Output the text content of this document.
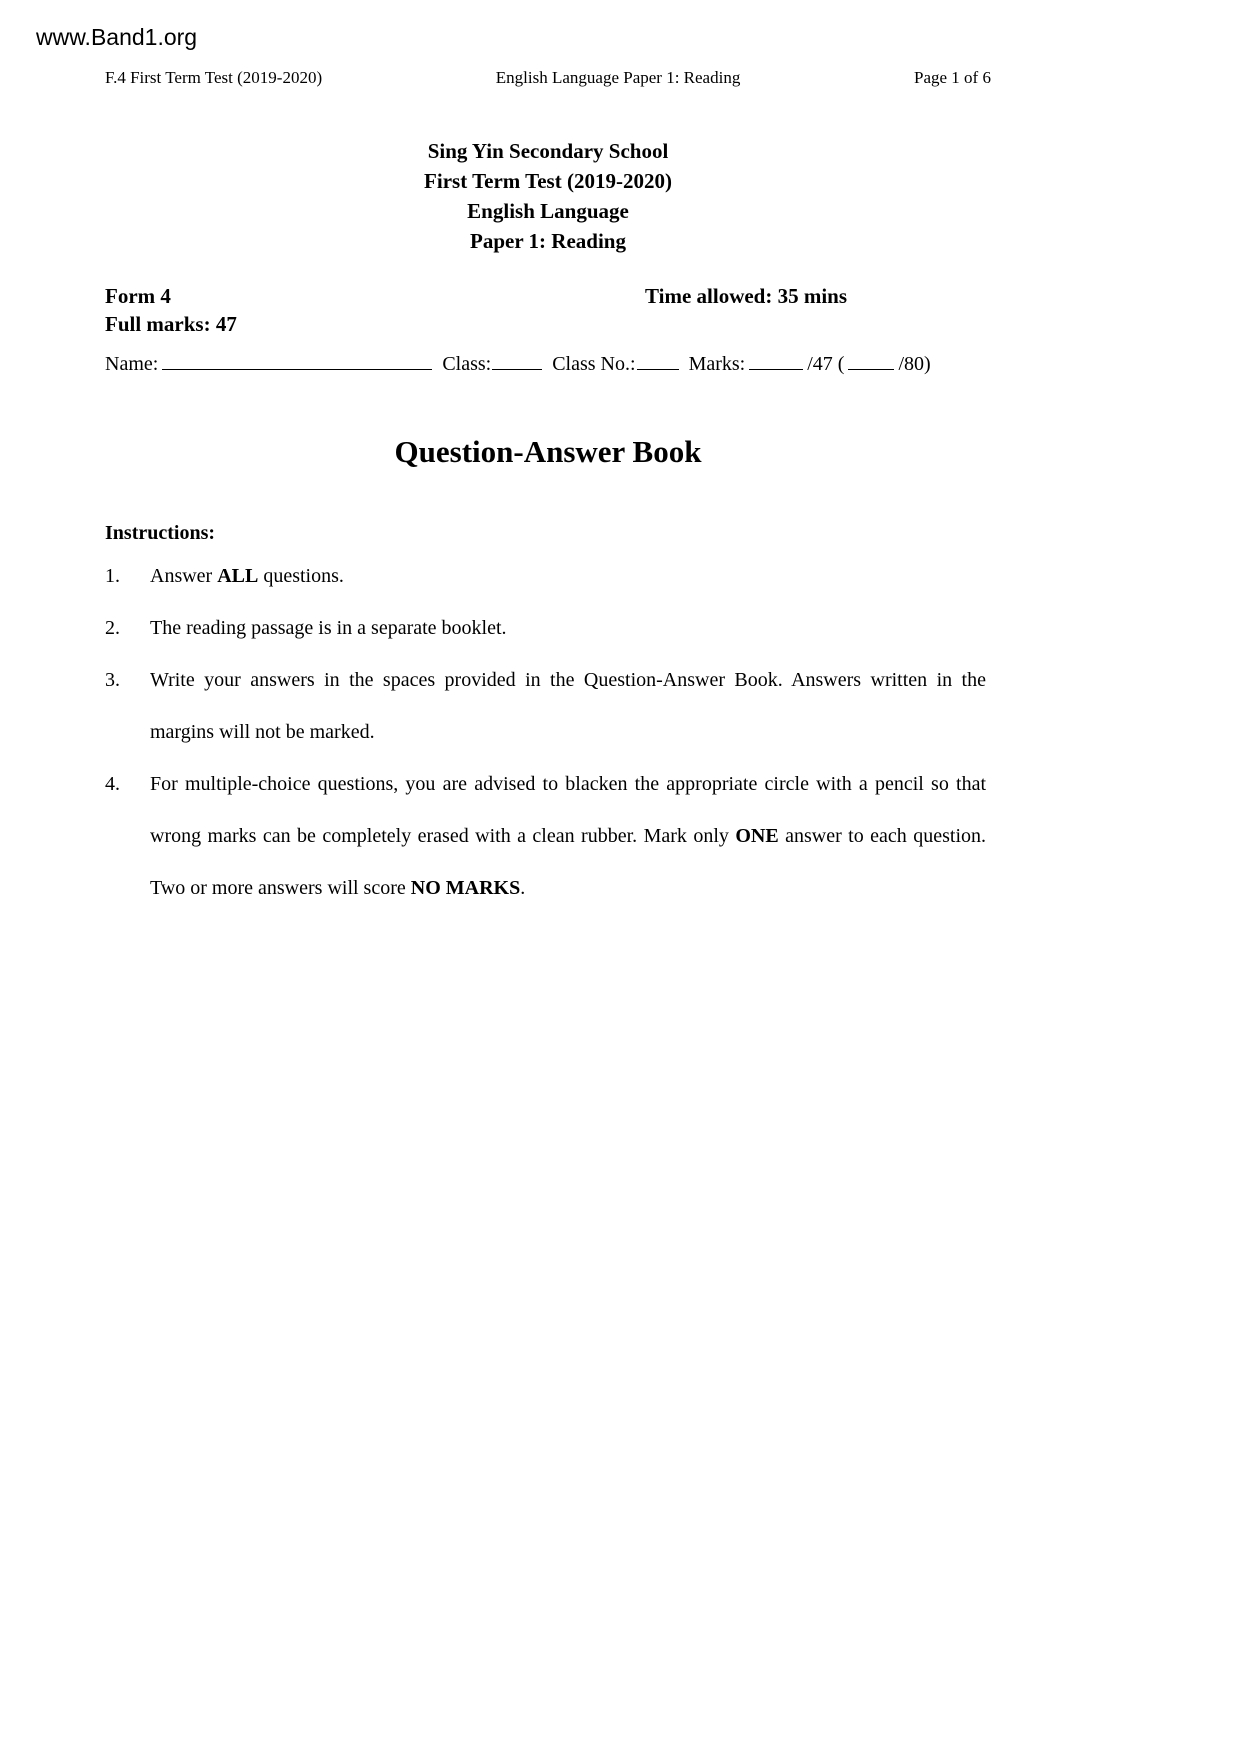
www.Band1.org
F.4 First Term Test (2019-2020)	English Language Paper 1: Reading	Page 1 of 6
Sing Yin Secondary School
First Term Test (2019-2020)
English Language
Paper 1: Reading
Form 4
Full marks: 47
Time allowed: 35 mins
Name:	Class:	Class No.:	Marks:	/47 (	/80)
Question-Answer Book
Instructions:
1.	Answer ALL questions.
2.	The reading passage is in a separate booklet.
3.	Write your answers in the spaces provided in the Question-Answer Book. Answers written in the margins will not be marked.
4.	For multiple-choice questions, you are advised to blacken the appropriate circle with a pencil so that wrong marks can be completely erased with a clean rubber. Mark only ONE answer to each question. Two or more answers will score NO MARKS.
